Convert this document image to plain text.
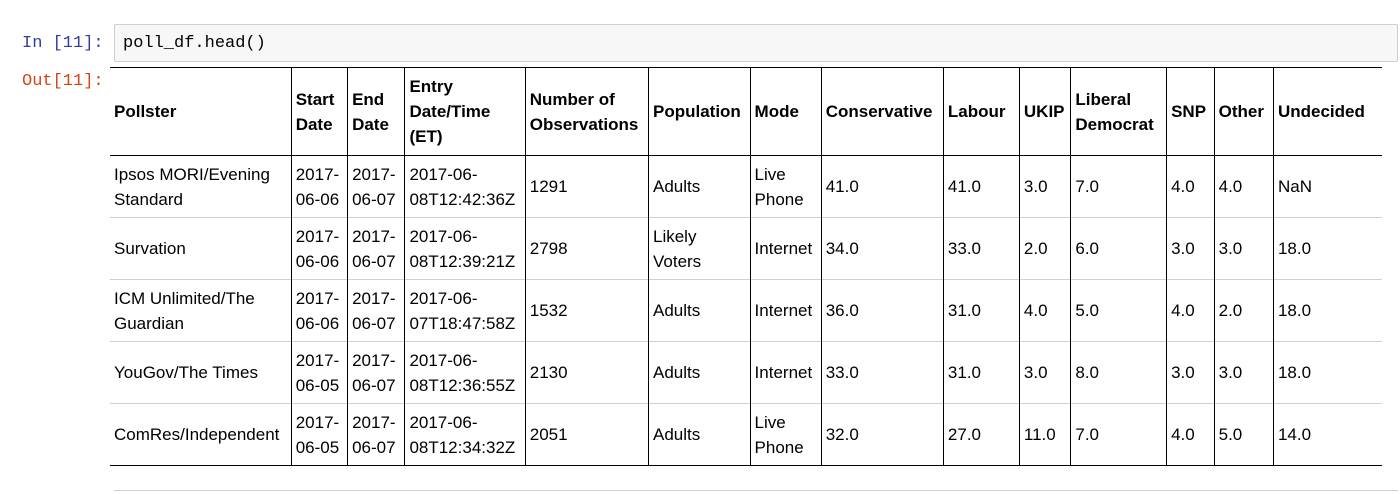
In [11]: poll_df.head()
Out[11]:
Pollster	Start Date	End Date	Entry Date/Time (ET)	Number of Observations	Population	Mode	Conservative	Labour	UKIP	Liberal Democrat	SNP	Other	Undecided
Ipsos MORI/Evening Standard	2017-06-06	2017-06-07	2017-06-08T12:42:36Z	1291	Adults	Live Phone	41.0	41.0	3.0	7.0	4.0	4.0	NaN
Survation	2017-06-06	2017-06-07	2017-06-08T12:39:21Z	2798	Likely Voters	Internet	34.0	33.0	2.0	6.0	3.0	3.0	18.0
ICM Unlimited/The Guardian	2017-06-06	2017-06-07	2017-06-07T18:47:58Z	1532	Adults	Internet	36.0	31.0	4.0	5.0	4.0	2.0	18.0
YouGov/The Times	2017-06-05	2017-06-07	2017-06-08T12:36:55Z	2130	Adults	Internet	33.0	31.0	3.0	8.0	3.0	3.0	18.0
ComRes/Independent	2017-06-05	2017-06-07	2017-06-08T12:34:32Z	2051	Adults	Live Phone	32.0	27.0	11.0	7.0	4.0	5.0	14.0
